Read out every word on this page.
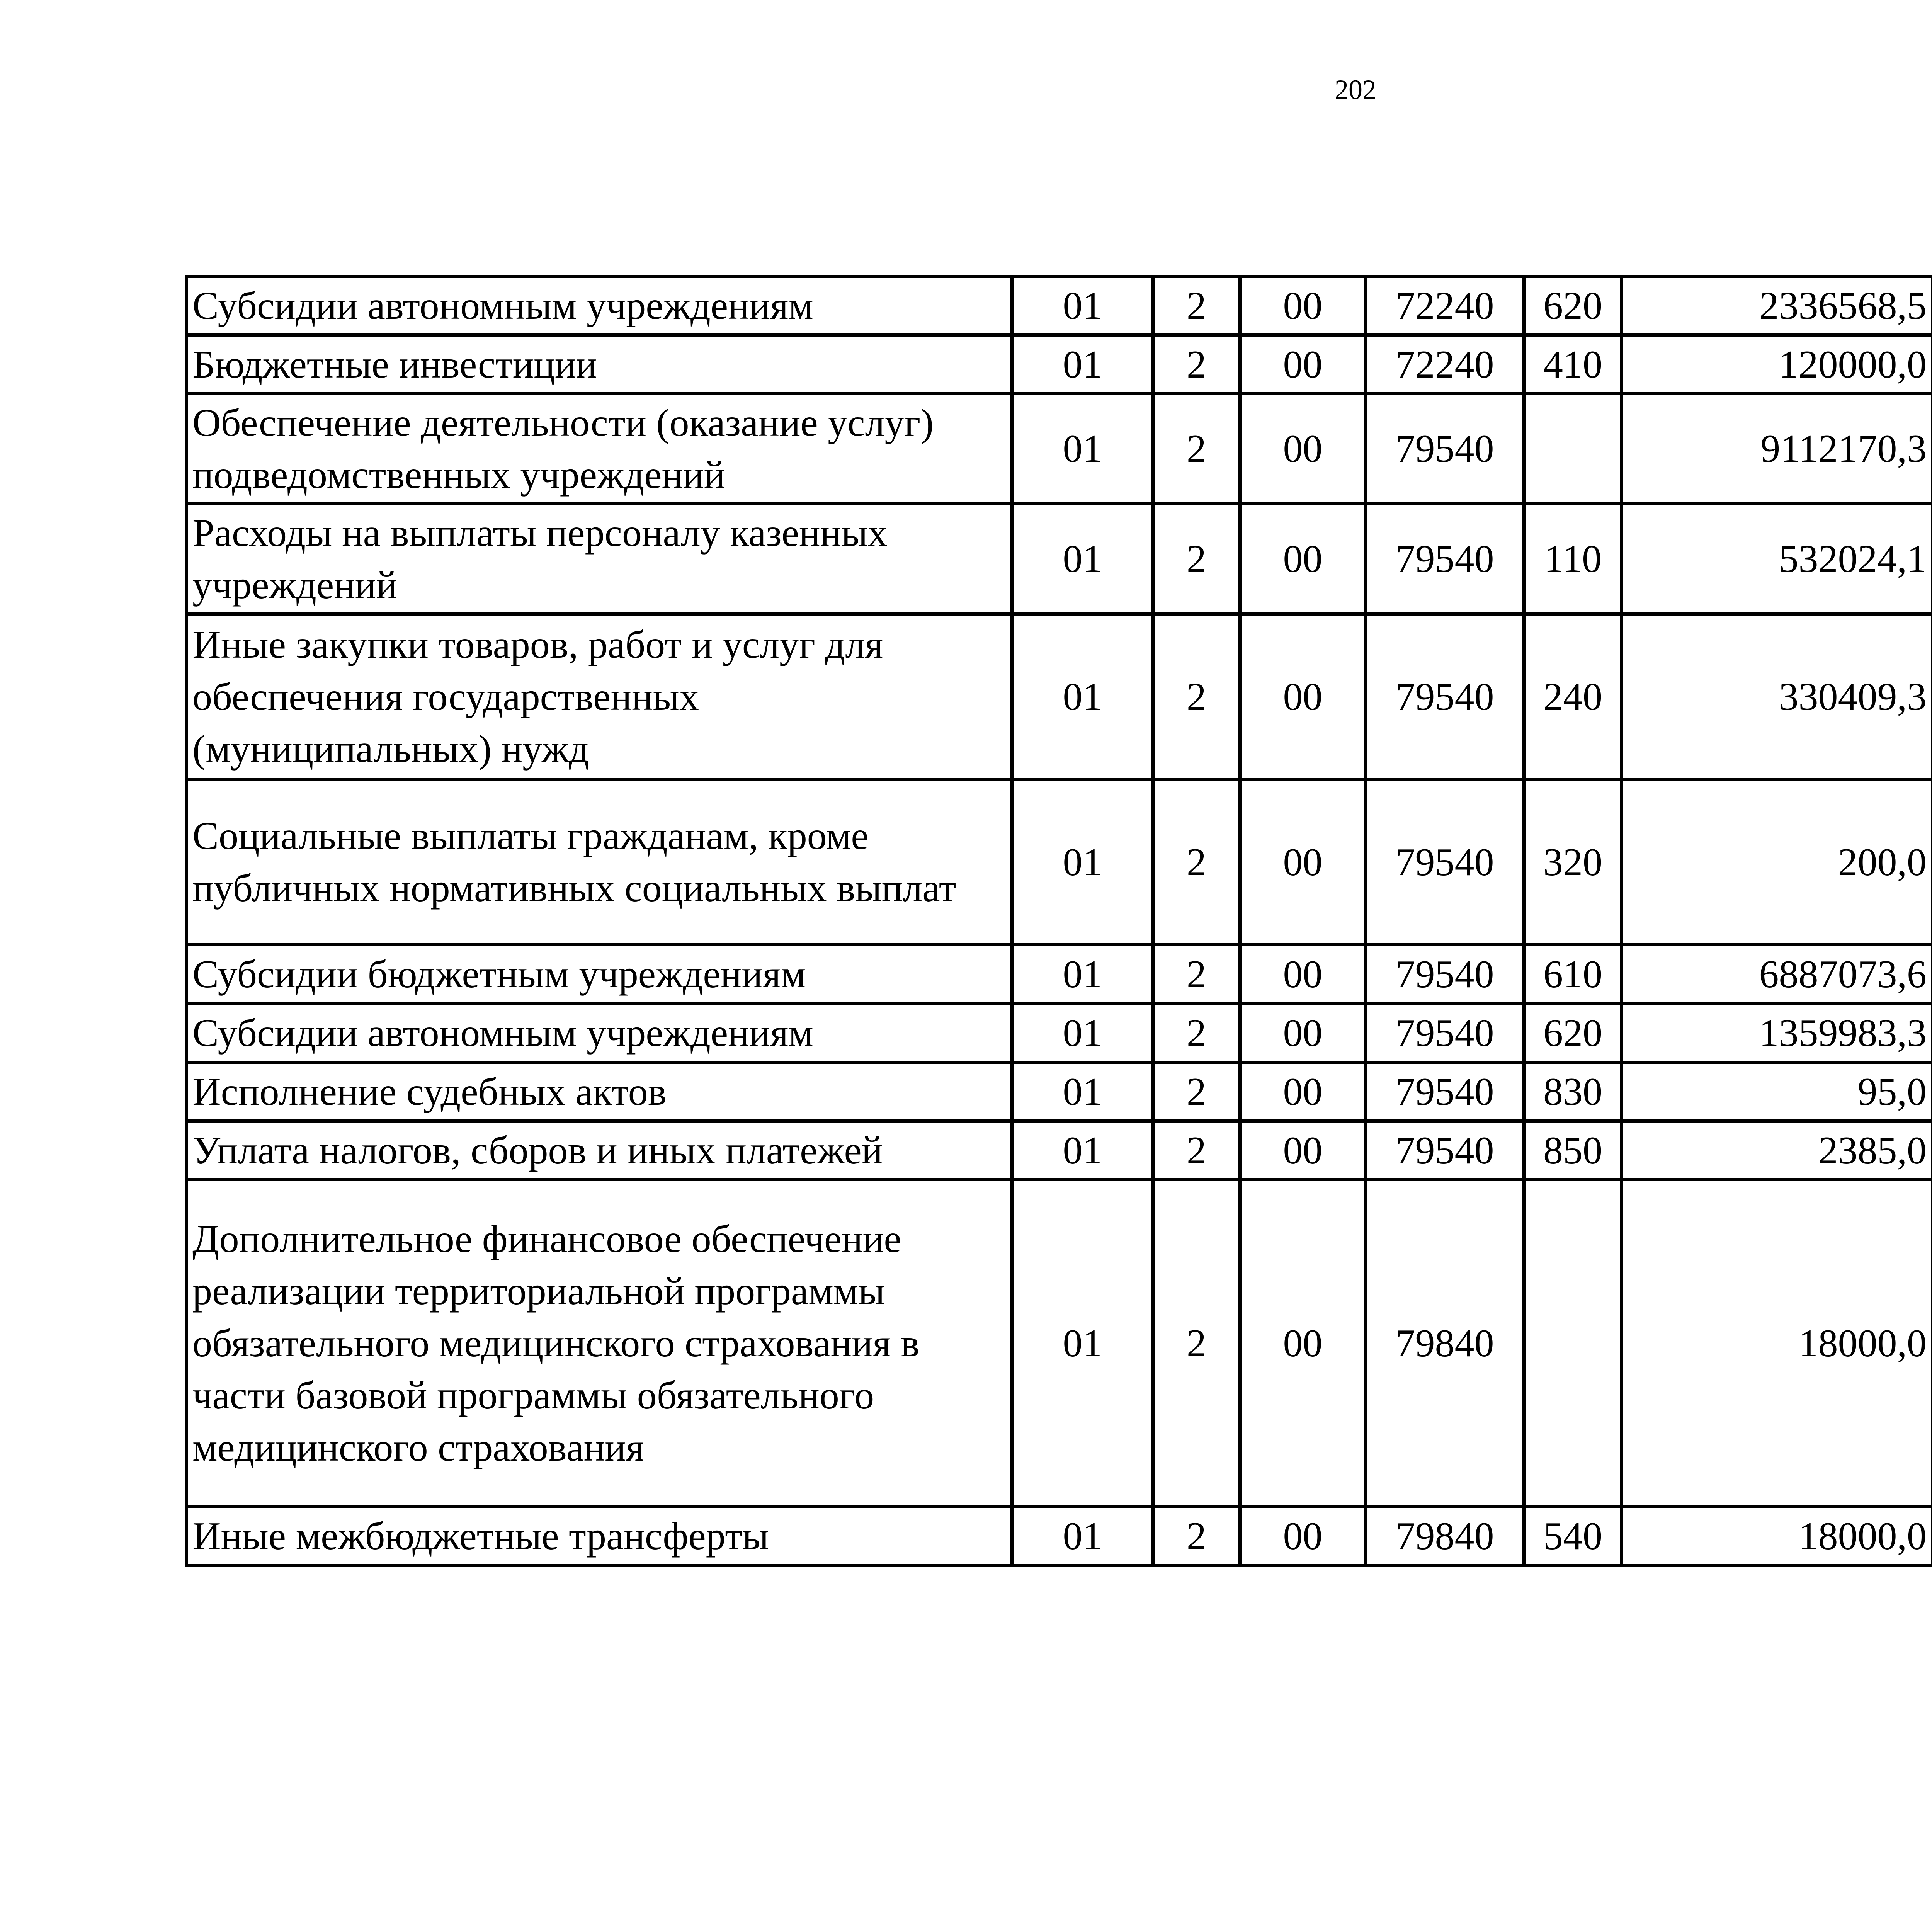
202
Субсидии автономным учреждениям	01	2	00	72240	620	2336568,5		
Бюджетные инвестиции	01	2	00	72240	410	120000,0		
Обеспечение деятельности (оказание услуг) подведомственных учреждений	01	2	00	79540		9112170,3		
Расходы на выплаты персоналу казенных учреждений	01	2	00	79540	110	532024,1		
Иные закупки товаров, работ и услуг для обеспечения государственных (муниципальных) нужд	01	2	00	79540	240	330409,3		
Социальные выплаты гражданам, кроме публичных нормативных социальных выплат	01	2	00	79540	320	200,0		
Субсидии бюджетным учреждениям	01	2	00	79540	610	6887073,6		
Субсидии автономным учреждениям	01	2	00	79540	620	1359983,3		
Исполнение судебных актов	01	2	00	79540	830	95,0		
Уплата налогов, сборов и иных платежей	01	2	00	79540	850	2385,0		
Дополнительное финансовое обеспечение реализации территориальной программы обязательного медицинского страхования в части базовой программы обязательного медицинского страхования	01	2	00	79840		18000,0		
Иные межбюджетные трансферты	01	2	00	79840	540	18000,0		
